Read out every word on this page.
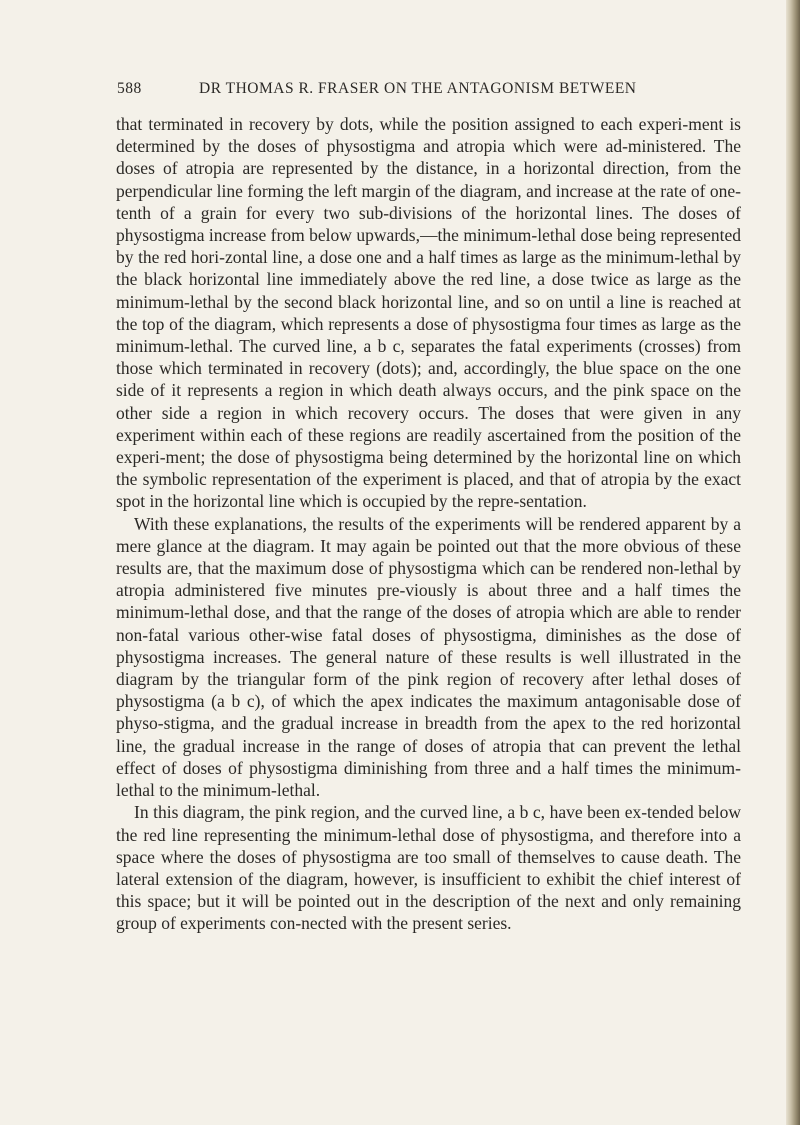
588	DR THOMAS R. FRASER ON THE ANTAGONISM BETWEEN

that terminated in recovery by dots, while the position assigned to each experi-ment is determined by the doses of physostigma and atropia which were ad-ministered. The doses of atropia are represented by the distance, in a horizontal direction, from the perpendicular line forming the left margin of the diagram, and increase at the rate of one-tenth of a grain for every two sub-divisions of the horizontal lines. The doses of physostigma increase from below upwards,—the minimum-lethal dose being represented by the red hori-zontal line, a dose one and a half times as large as the minimum-lethal by the black horizontal line immediately above the red line, a dose twice as large as the minimum-lethal by the second black horizontal line, and so on until a line is reached at the top of the diagram, which represents a dose of physostigma four times as large as the minimum-lethal. The curved line, a b c, separates the fatal experiments (crosses) from those which terminated in recovery (dots); and, accordingly, the blue space on the one side of it represents a region in which death always occurs, and the pink space on the other side a region in which recovery occurs. The doses that were given in any experiment within each of these regions are readily ascertained from the position of the experi-ment; the dose of physostigma being determined by the horizontal line on which the symbolic representation of the experiment is placed, and that of atropia by the exact spot in the horizontal line which is occupied by the repre-sentation.

With these explanations, the results of the experiments will be rendered apparent by a mere glance at the diagram. It may again be pointed out that the more obvious of these results are, that the maximum dose of physostigma which can be rendered non-lethal by atropia administered five minutes pre-viously is about three and a half times the minimum-lethal dose, and that the range of the doses of atropia which are able to render non-fatal various other-wise fatal doses of physostigma, diminishes as the dose of physostigma increases. The general nature of these results is well illustrated in the diagram by the triangular form of the pink region of recovery after lethal doses of physostigma (a b c), of which the apex indicates the maximum antagonisable dose of physo-stigma, and the gradual increase in breadth from the apex to the red horizontal line, the gradual increase in the range of doses of atropia that can prevent the lethal effect of doses of physostigma diminishing from three and a half times the minimum-lethal to the minimum-lethal.

In this diagram, the pink region, and the curved line, a b c, have been ex-tended below the red line representing the minimum-lethal dose of physostigma, and therefore into a space where the doses of physostigma are too small of themselves to cause death. The lateral extension of the diagram, however, is insufficient to exhibit the chief interest of this space; but it will be pointed out in the description of the next and only remaining group of experiments con-nected with the present series.
